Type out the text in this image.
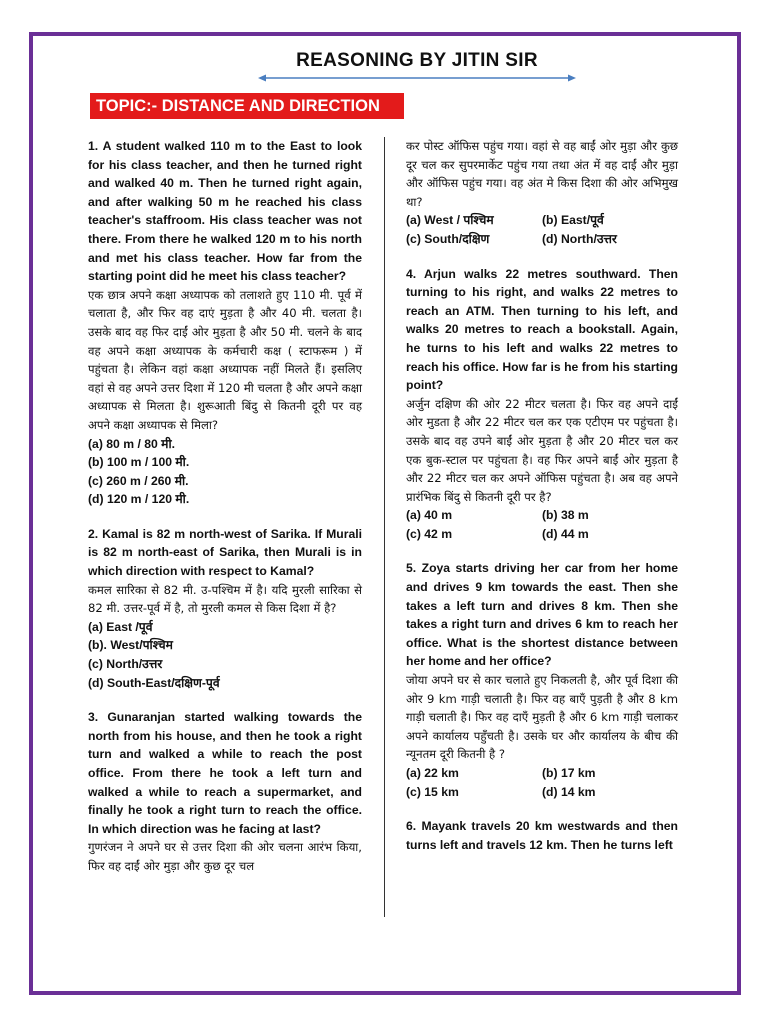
REASONING BY JITIN SIR
TOPIC:- DISTANCE AND DIRECTION

1. A student walked 110 m to the East to look for his class teacher, and then he turned right and walked 40 m. Then he turned right again, and after walking 50 m he reached his class teacher's staffroom. His class teacher was not there. From there he walked 120 m to his north and met his class teacher. How far from the starting point did he meet his class teacher?

एक छात्र अपने कक्षा अध्यापक को तलाशते हुए 110 मी. पूर्व में चलाता है, और फिर वह दाएं मुड़ता है और 40 मी. चलता है। उसके बाद वह फिर दाईं ओर मुड़ता है और 50 मी. चलने के बाद वह अपने कक्षा अध्यापक के कर्मचारी कक्ष ( स्टाफरूम ) में पहुंचता है। लेकिन वहां कक्षा अध्यापक नहीं मिलते हैं। इसलिए वहां से वह अपने उत्तर दिशा में 120 मी चलता है और अपने कक्षा अध्यापक से मिलता है। शुरूआती बिंदु से कितनी दूरी पर वह अपने कक्षा अध्यापक से मिला?

(a) 80 m / 80 मी.

(b) 100 m / 100 मी.

(c) 260 m / 260 मी.

(d) 120 m / 120 मी.

2. Kamal is 82 m north-west of Sarika. If Murali is 82 m north-east of Sarika, then Murali is in which direction with respect to Kamal?

कमल सारिका से 82 मी. उ-पश्चिम में है। यदि मुरली सारिका से 82 मी. उत्तर-पूर्व में है, तो मुरली कमल से किस दिशा में है?

(a) East /पूर्व

(b). West/पश्चिम

(c) North/उत्तर

(d) South-East/दक्षिण-पूर्व

3. Gunaranjan started walking towards the north from his house, and then he took a right turn and walked a while to reach the post office. From there he took a left turn and walked a while to reach a supermarket, and finally he took a right turn to reach the office. In which direction was he facing at last?

गुणरंजन ने अपने घर से उत्तर दिशा की ओर चलना आरंभ किया, फिर वह दाईं ओर मुड़ा और कुछ दूर चल

कर पोस्ट ऑफिस पहुंच गया। वहां से वह बाईं ओर मुड़ा और कुछ दूर चल कर सुपरमार्केट पहुंच गया तथा अंत में वह दाईं और मुड़ा और ऑफिस पहुंच गया। वह अंत मे किस दिशा की ओर अभिमुख था?

(a) West / पश्चिम	(b) East/पूर्व
(c) South/दक्षिण	(d) North/उत्तर

4. Arjun walks 22 metres southward. Then turning to his right, and walks 22 metres to reach an ATM. Then turning to his left, and walks 20 metres to reach a bookstall. Again, he turns to his left and walks 22 metres to reach his office. How far is he from his starting point?

अर्जुन दक्षिण की ओर 22 मीटर चलता है। फिर वह अपने दाईं ओर मुडता है और 22 मीटर चल कर एक एटीएम पर पहुंचता है। उसके बाद वह उपने बाईं ओर मुड़ता है और 20 मीटर चल कर एक बुक-स्टाल पर पहुंचता है। वह फिर अपने बाईं ओर मुड़ता है और 22 मीटर चल कर अपने ऑफिस पहुंचता है। अब वह अपने प्रारंभिक बिंदु से कितनी दूरी पर है?

(a) 40 m	(b) 38 m
(c) 42 m	(d) 44 m

5. Zoya starts driving her car from her home and drives 9 km towards the east. Then she takes a left turn and drives 8 km. Then she takes a right turn and drives 6 km to reach her office. What is the shortest distance between her home and her office?

जोया अपने घर से कार चलाते हुए निकलती है, और पूर्व दिशा की ओर 9 km गाड़ी चलाती है। फिर वह बाएँ पुड़ती है और 8 km गाड़ी चलाती है। फिर वह दाएँ मुड़ती है और 6 km गाड़ी चलाकर अपने कार्यालय पहुँचती है। उसके घर और कार्यालय के बीच की न्यूनतम दूरी कितनी है ?

(a) 22 km	(b) 17 km
(c) 15 km	(d) 14 km

6. Mayank travels 20 km westwards and then turns left and travels 12 km. Then he turns left
